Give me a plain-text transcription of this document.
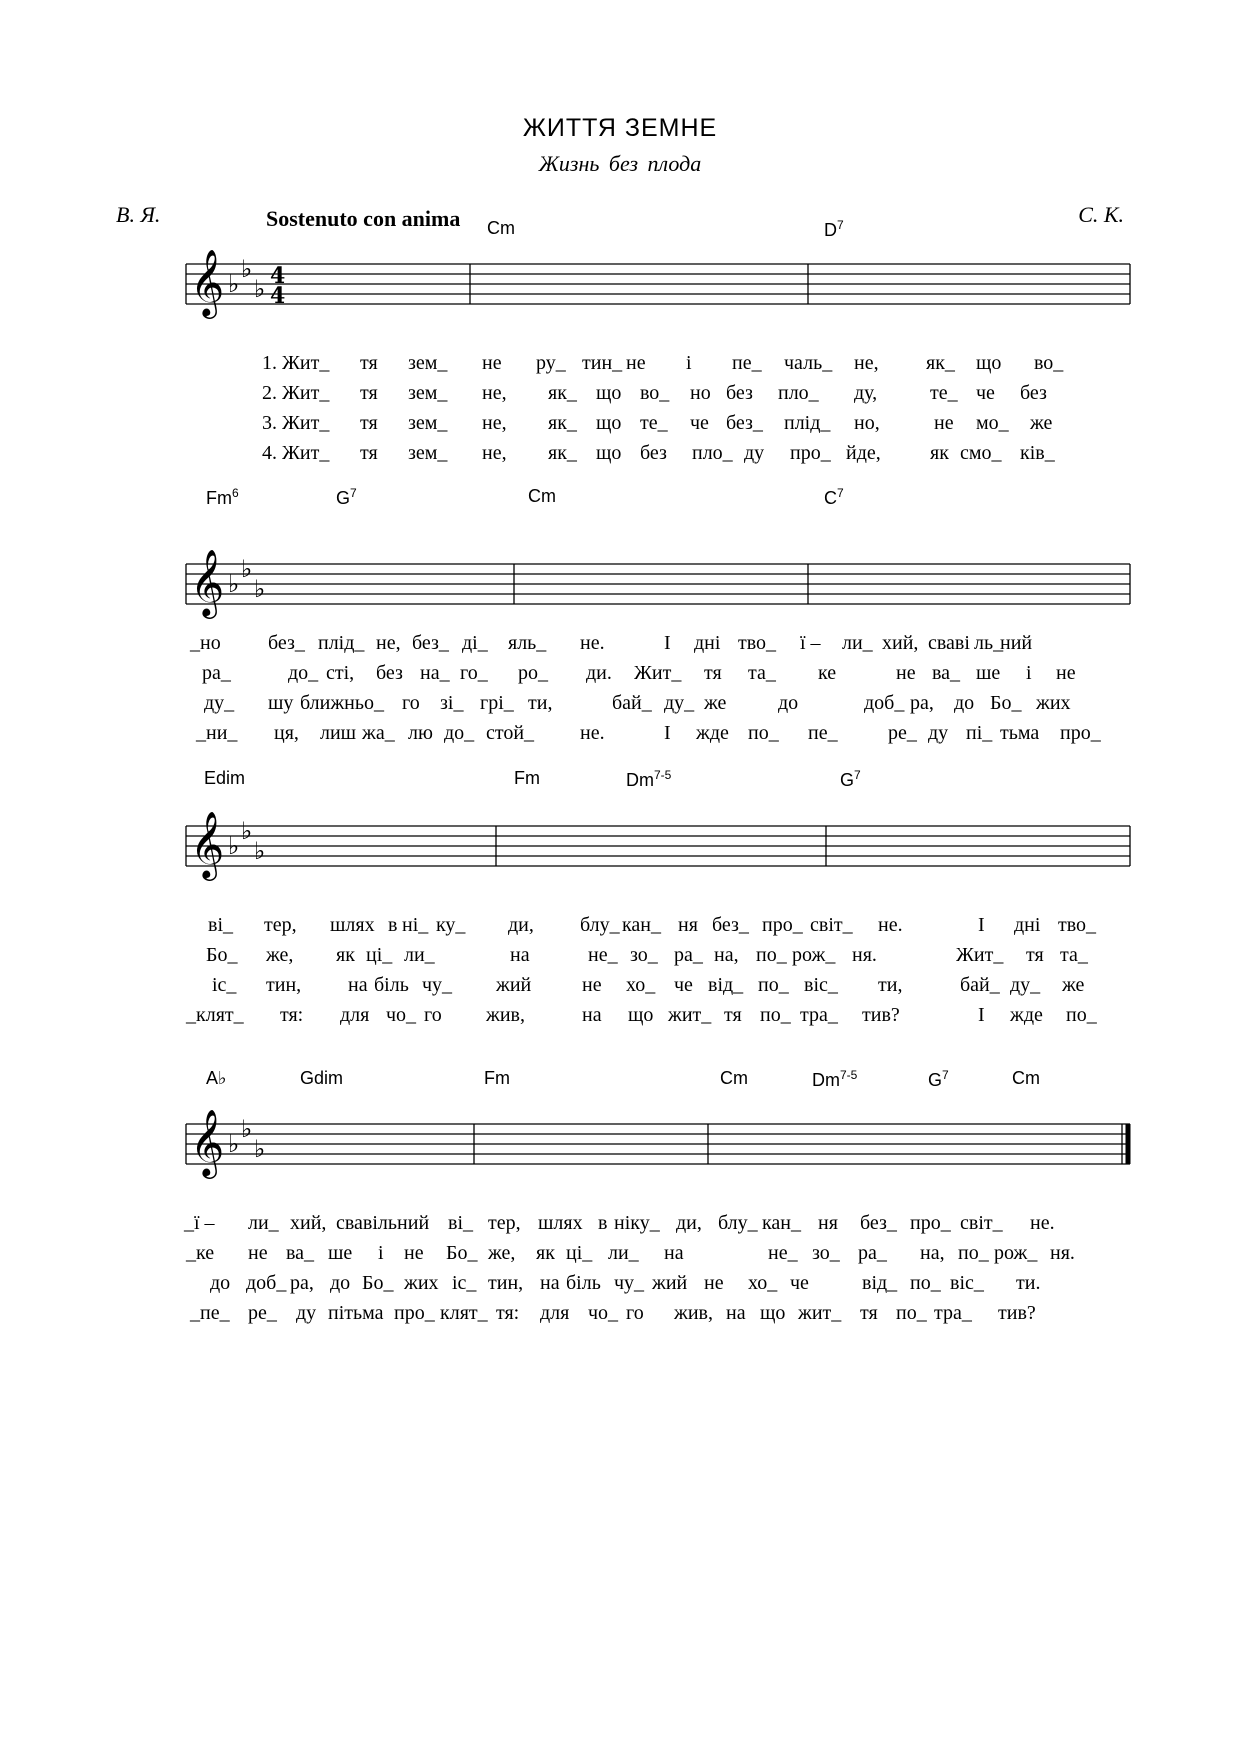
ЖИТТЯ ЗЕМНЕ
Жизнь без плода
В. Я.	Sostenuto con anima	С. К.
𝄞 ♭
♭
♭ 4
4
𝄞 ♭
♭
♭
𝄞 ♭
♭
♭
𝄞 ♭
♭
♭
Cm	$D^7$
Fm$^6$	$G^7$	Cm	$C^7$
Edim	Fm	Dm$^{7-5}$	$G^7$
A♭	Gdim	Fm	Cm	Dm$^{7-5}$	$G^7$	Cm
1. Жит_ тя зем_ не ру_ тин_ не і пе_ чаль_ не, як_ що во_
2. Жит_ тя зем_ не, як_ що во_ но без пло_ ду,	те_ че без
3. Жит_ тя зем_ не, як_ що те_ че без_ плід_ но,	не мо_ же
4. Жит_ тя зем_ не, як_ що без пло_ ду про_ йде, як смо_ ків_
_но без_ плід_ не, без_ ді_ яль_ не.	І дні тво_ ї – ли_ хий, сваві ль_
ний
ра_	до_ сті, без на_ го_ ро_ ди. Жит_ тя та_ ке	не ва_ ше і не
ду_ шу ближньо_ го зі_ грі_ ти,	бай_ ду_ же	до	доб_ ра, до Бо_ жих
_ни_ ця, лиш жа_ лю до_ стой_ не.	І жде по_ пе_	ре_ ду пі_ тьма про_
ві_ тер, шлях в ні_ ку_ ди, блу_ кан_ ня без_ про_ світ_ не.	І дні тво_
Бо_ же, як ці_ ли_	на	не_ зо_ ра_ на, по_ рож_ ня.	Жит_ тя та_
іс_ тин, на біль чу_ жий	не хо_ че від_ по_ віс_ ти,	бай_ ду_ же
_клят_ тя: для чо_ го жив,	на що жит_ тя по_ тра_ тив?	І жде по_
_ї – ли_ хий, свавільний ві_ тер, шлях в ніку_ ди, блу_ кан_ ня без_ про_ світ_ не.
_ке не ва_ ше і не Бо_ же, як ці_ ли_ на	не_ зо_ ра_ на, по_ рож_ ня.
до доб_ ра, до Бо_ жих іс_ тин, на біль чу_ жий не хо_ че	від_ по_ віс_ ти.
_пе_ ре_ ду пітьма про_ клят_ тя: для чо_ го жив, на що жит_ тя по_ тра_ тив?
